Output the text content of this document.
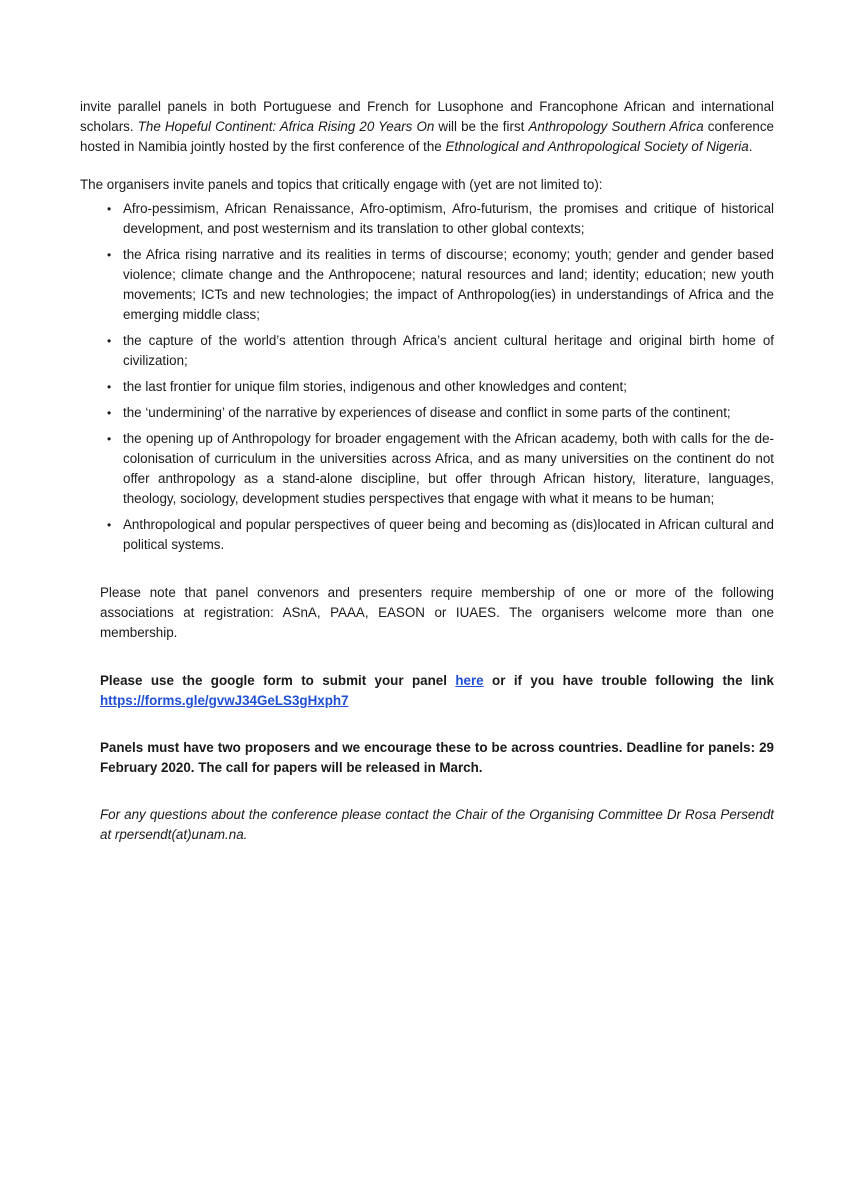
invite parallel panels in both Portuguese and French for Lusophone and Francophone African and international scholars. The Hopeful Continent: Africa Rising 20 Years On will be the first Anthropology Southern Africa conference hosted in Namibia jointly hosted by the first conference of the Ethnological and Anthropological Society of Nigeria.

The organisers invite panels and topics that critically engage with (yet are not limited to):

• Afro-pessimism, African Renaissance, Afro-optimism, Afro-futurism, the promises and critique of historical development, and post westernism and its translation to other global contexts;
• the Africa rising narrative and its realities in terms of discourse; economy; youth; gender and gender based violence; climate change and the Anthropocene; natural resources and land; identity; education; new youth movements; ICTs and new technologies; the impact of Anthropolog(ies) in understandings of Africa and the emerging middle class;
• the capture of the world’s attention through Africa’s ancient cultural heritage and original birth home of civilization;
• the last frontier for unique film stories, indigenous and other knowledges and content;
• the ‘undermining’ of the narrative by experiences of disease and conflict in some parts of the continent;
• the opening up of Anthropology for broader engagement with the African academy, both with calls for the de-colonisation of curriculum in the universities across Africa, and as many universities on the continent do not offer anthropology as a stand-alone discipline, but offer through African history, literature, languages, theology, sociology, development studies perspectives that engage with what it means to be human;
• Anthropological and popular perspectives of queer being and becoming as (dis)located in African cultural and political systems.

Please note that panel convenors and presenters require membership of one or more of the following associations at registration: ASnA, PAAA, EASON or IUAES. The organisers welcome more than one membership.

Please use the google form to submit your panel here or if you have trouble following the link https://forms.gle/gvwJ34GeLS3gHxph7

Panels must have two proposers and we encourage these to be across countries. Deadline for panels: 29 February 2020. The call for papers will be released in March.

For any questions about the conference please contact the Chair of the Organising Committee Dr Rosa Persendt at rpersendt(at)unam.na.
